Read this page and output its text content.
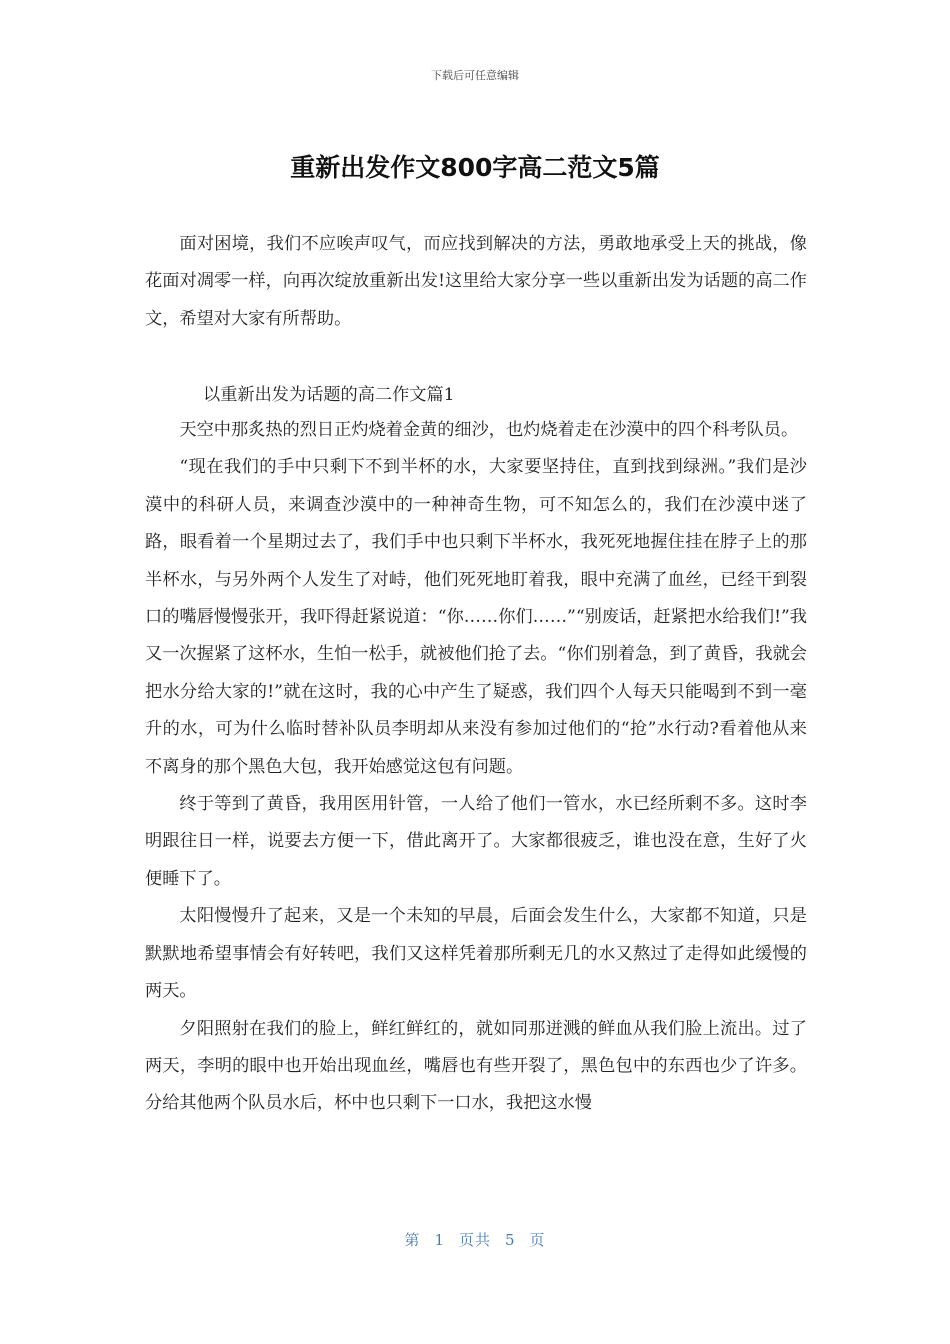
下载后可任意编辑
重新出发作文800字高二范文5篇

面对困境，我们不应唉声叹气，而应找到解决的方法，勇敢地承受上天的挑战，像花面对凋零一样，向再次绽放重新出发!这里给大家分享一些以重新出发为话题的高二作文，希望对大家有所帮助。

以重新出发为话题的高二作文篇1

天空中那炙热的烈日正灼烧着金黄的细沙，也灼烧着走在沙漠中的四个科考队员。

“现在我们的手中只剩下不到半杯的水，大家要坚持住，直到找到绿洲。”我们是沙漠中的科研人员，来调查沙漠中的一种神奇生物，可不知怎么的，我们在沙漠中迷了路，眼看着一个星期过去了，我们手中也只剩下半杯水，我死死地握住挂在脖子上的那半杯水，与另外两个人发生了对峙，他们死死地盯着我，眼中充满了血丝，已经干到裂口的嘴唇慢慢张开，我吓得赶紧说道：“你……你们……”“别废话，赶紧把水给我们!”我又一次握紧了这杯水，生怕一松手，就被他们抢了去。“你们别着急，到了黄昏，我就会把水分给大家的!”就在这时，我的心中产生了疑惑，我们四个人每天只能喝到不到一毫升的水，可为什么临时替补队员李明却从来没有参加过他们的“抢”水行动?看着他从来不离身的那个黑色大包，我开始感觉这包有问题。

终于等到了黄昏，我用医用针管，一人给了他们一管水，水已经所剩不多。这时李明跟往日一样，说要去方便一下，借此离开了。大家都很疲乏，谁也没在意，生好了火便睡下了。

太阳慢慢升了起来，又是一个未知的早晨，后面会发生什么，大家都不知道，只是默默地希望事情会有好转吧，我们又这样凭着那所剩无几的水又熬过了走得如此缓慢的两天。

夕阳照射在我们的脸上，鲜红鲜红的，就如同那迸溅的鲜血从我们脸上流出。过了两天，李明的眼中也开始出现血丝，嘴唇也有些开裂了，黑色包中的东西也少了许多。分给其他两个队员水后，杯中也只剩下一口水，我把这水慢

第 1 页共 5 页
